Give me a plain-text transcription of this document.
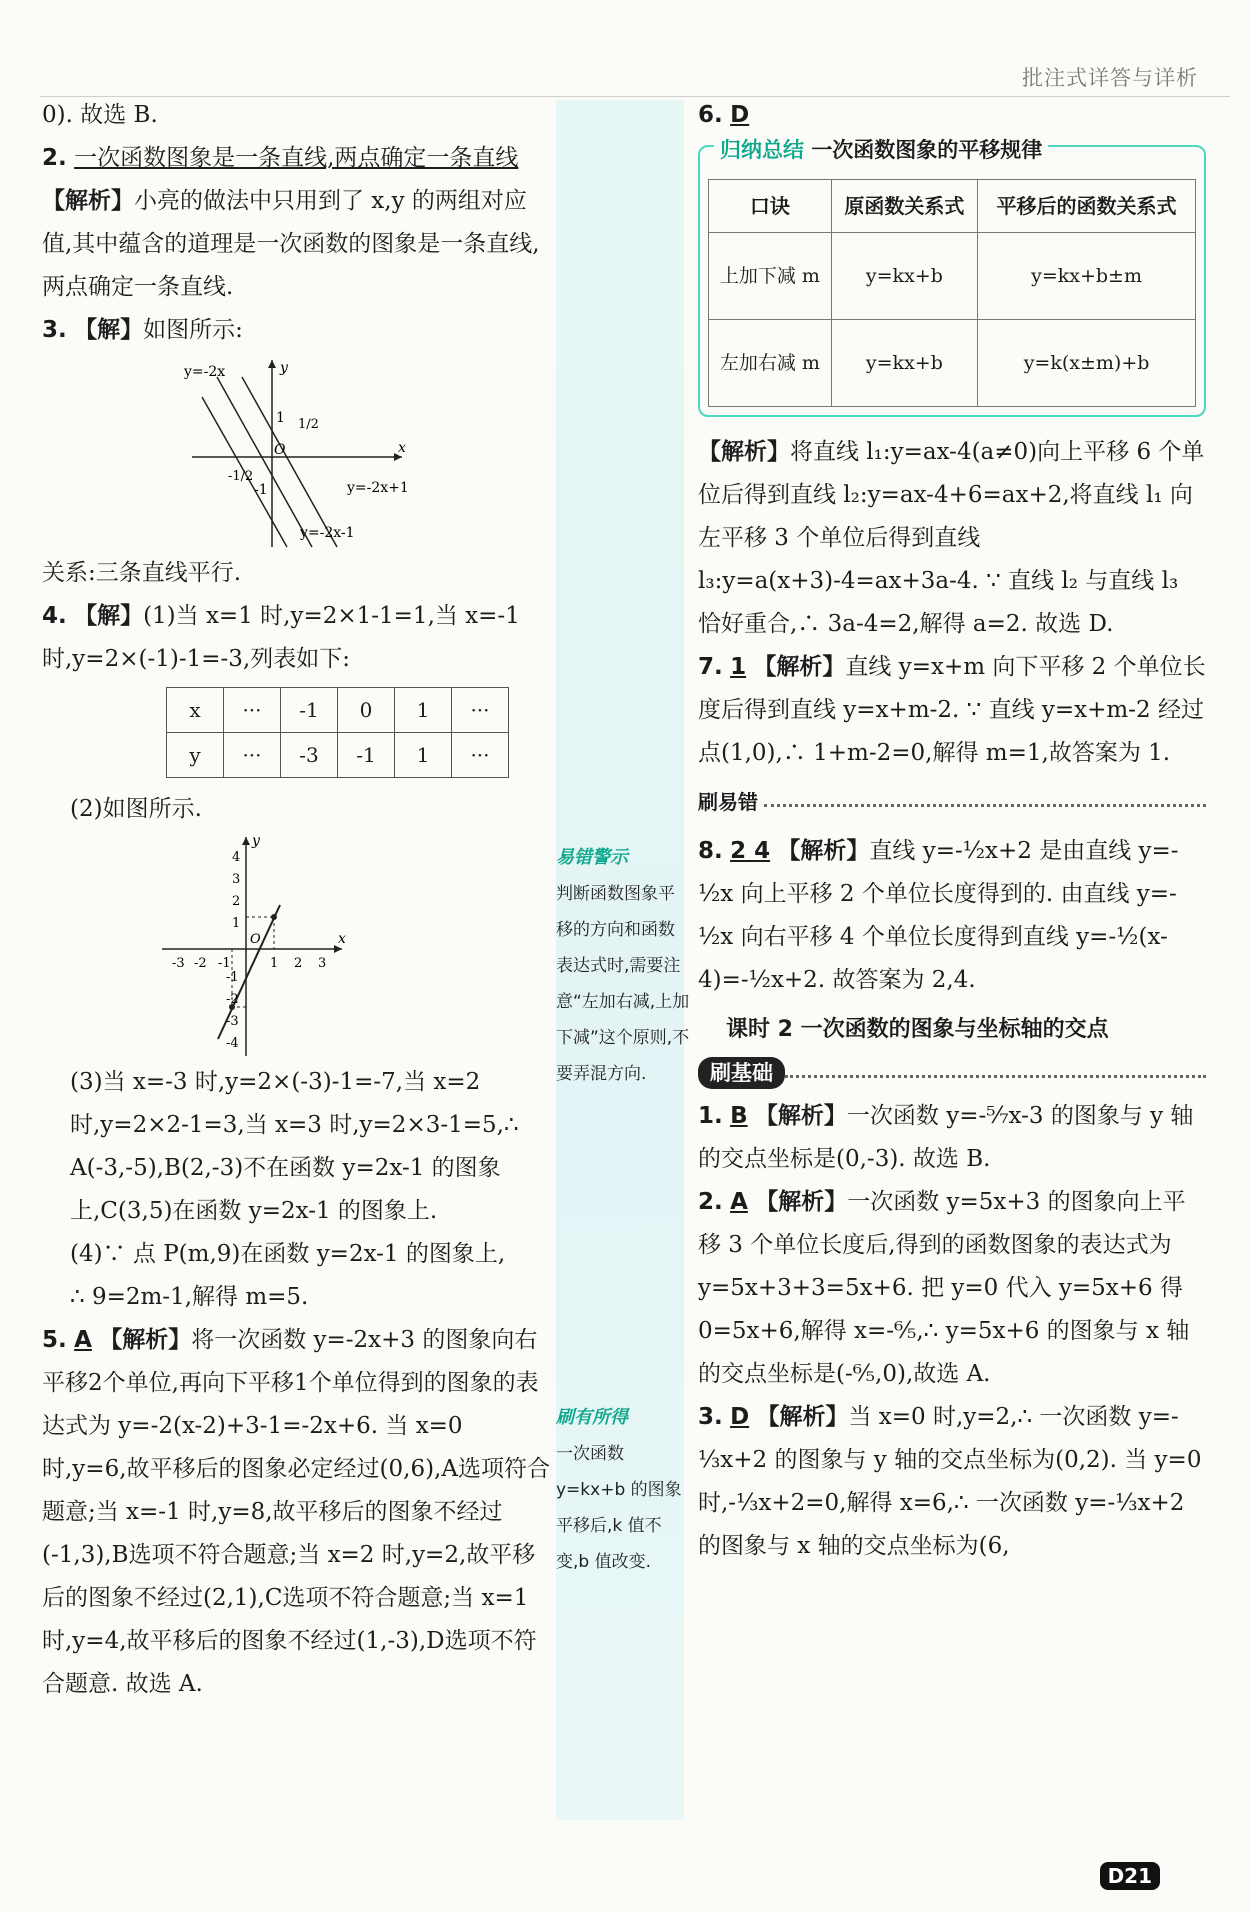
批注式详答与详析

0). 故选 B.

2. 一次函数图象是一条直线,两点确定一条直线 【解析】小亮的做法中只用到了 x,y 的两组对应值,其中蕴含的道理是一次函数的图象是一条直线,两点确定一条直线.

3. 【解】如图所示:

y=-2x	y
x
O
1 1/2
-1/2
-1	y=-2x+1
y=-2x-1

关系:三条直线平行.

4. 【解】(1)当 x=1 时,y=2×1-1=1,当 x=-1 时,y=2×(-1)-1=-3,列表如下:

x	···	-1	0	1	···
y	···	-3	-1	1	···

(2)如图所示.

y
x
O
-3 -2 -1	1 2 3
4
3
2
1
-1
-2
-3
-4

(3)当 x=-3 时,y=2×(-3)-1=-7,当 x=2 时,y=2×2-1=3,当 x=3 时,y=2×3-1=5,∴ A(-3,-5),B(2,-3)不在函数 y=2x-1 的图象上,C(3,5)在函数 y=2x-1 的图象上.

(4)∵ 点 P(m,9)在函数 y=2x-1 的图象上,

∴ 9=2m-1,解得 m=5.

5. A 【解析】将一次函数 y=-2x+3 的图象向右平移2个单位,再向下平移1个单位得到的图象的表达式为 y=-2(x-2)+3-1=-2x+6. 当 x=0 时,y=6,故平移后的图象必定经过(0,6),A选项符合题意;当 x=-1 时,y=8,故平移后的图象不经过(-1,3),B选项不符合题意;当 x=2 时,y=2,故平移后的图象不经过(2,1),C选项不符合题意;当 x=1 时,y=4,故平移后的图象不经过(1,-3),D选项不符合题意. 故选 A.

易错警示
判断函数图象平移的方向和函数表达式时,需要注意“左加右减,上加下减”这个原则,不要弄混方向.
刷有所得
一次函数 y=kx+b 的图象平移后,k 值不变,b 值改变.

6. D

归纳总结 一次函数图象的平移规律
口诀	原函数关系式	平移后的函数关系式
上加下减 m	y=kx+b	y=kx+b±m
左加右减 m	y=kx+b	y=k(x±m)+b

【解析】将直线 l₁:y=ax-4(a≠0)向上平移 6 个单位后得到直线 l₂:y=ax-4+6=ax+2,将直线 l₁ 向左平移 3 个单位后得到直线 l₃:y=a(x+3)-4=ax+3a-4. ∵ 直线 l₂ 与直线 l₃ 恰好重合,∴ 3a-4=2,解得 a=2. 故选 D.

7. 1 【解析】直线 y=x+m 向下平移 2 个单位长度后得到直线 y=x+m-2. ∵ 直线 y=x+m-2 经过点(1,0),∴ 1+m-2=0,解得 m=1,故答案为 1.

刷易错

8. 2 4 【解析】直线 y=-½x+2 是由直线 y=-½x 向上平移 2 个单位长度得到的. 由直线 y=-½x 向右平移 4 个单位长度得到直线 y=-½(x-4)=-½x+2. 故答案为 2,4.

课时 2 一次函数的图象与坐标轴的交点
刷基础

1. B 【解析】一次函数 y=-⁵⁄₇x-3 的图象与 y 轴的交点坐标是(0,-3). 故选 B.

2. A 【解析】一次函数 y=5x+3 的图象向上平移 3 个单位长度后,得到的函数图象的表达式为 y=5x+3+3=5x+6. 把 y=0 代入 y=5x+6 得 0=5x+6,解得 x=-⁶⁄₅,∴ y=5x+6 的图象与 x 轴的交点坐标是(-⁶⁄₅,0),故选 A.

3. D 【解析】当 x=0 时,y=2,∴ 一次函数 y=-⅓x+2 的图象与 y 轴的交点坐标为(0,2). 当 y=0 时,-⅓x+2=0,解得 x=6,∴ 一次函数 y=-⅓x+2 的图象与 x 轴的交点坐标为(6,

D21
